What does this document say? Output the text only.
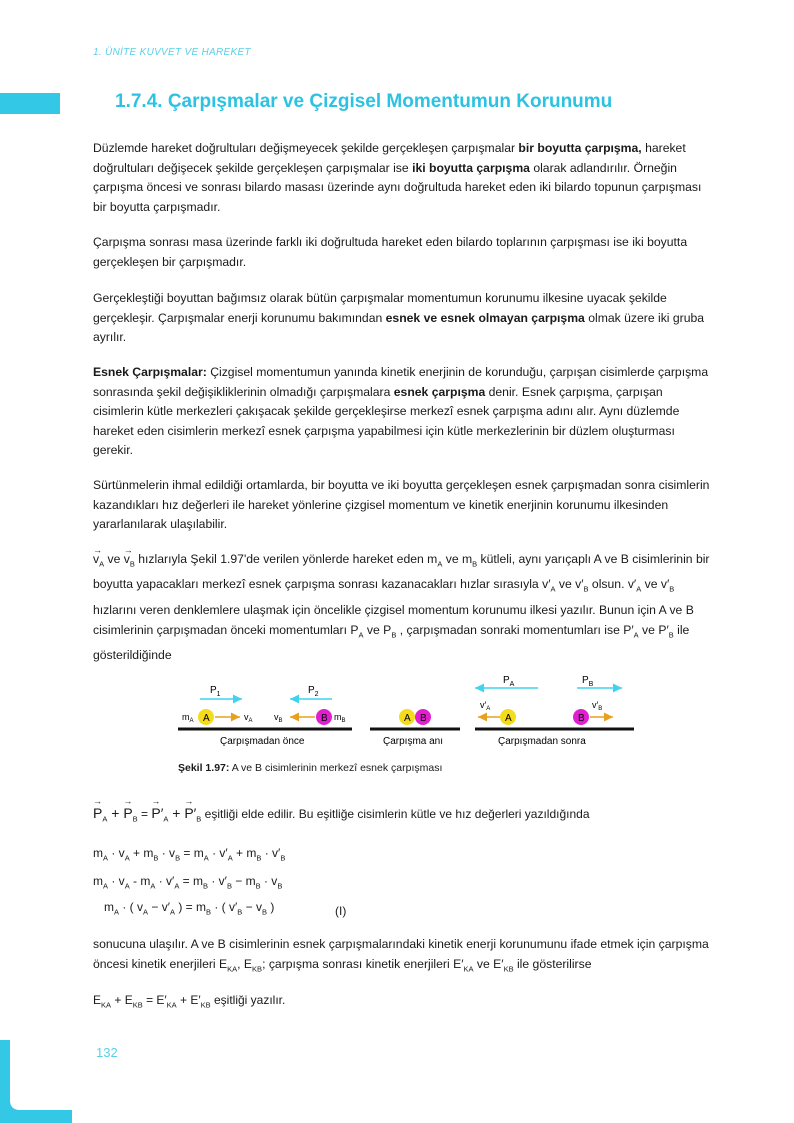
1. ÜNİTE KUVVET VE HAREKET
1.7.4. Çarpışmalar ve Çizgisel Momentumun Korunumu

Düzlemde hareket doğrultuları değişmeyecek şekilde gerçekleşen çarpışmalar bir boyutta çarpışma, hareket doğrultuları değişecek şekilde gerçekleşen çarpışmalar ise iki boyutta çarpışma olarak adlandırılır. Örneğin çarpışma öncesi ve sonrası bilardo masası üzerinde aynı doğrultuda hareket eden iki bilardo topunun çarpışması bir boyutta çarpışmadır.

Çarpışma sonrası masa üzerinde farklı iki doğrultuda hareket eden bilardo toplarının çarpışması ise iki boyutta gerçekleşen bir çarpışmadır.

Gerçekleştiği boyuttan bağımsız olarak bütün çarpışmalar momentumun korunumu ilkesine uyacak şekilde gerçekleşir. Çarpışmalar enerji korunumu bakımından esnek ve esnek olmayan çarpışma olmak üzere iki gruba ayrılır.

Esnek Çarpışmalar: Çizgisel momentumun yanında kinetik enerjinin de korunduğu, çarpışan cisimlerde çarpışma sonrasında şekil değişikliklerinin olmadığı çarpışmalara esnek çarpışma denir. Esnek çarpışma, çarpışan cisimlerin kütle merkezleri çakışacak şekilde gerçekleşirse merkezî esnek çarpışma adını alır. Aynı düzlemde hareket eden cisimlerin merkezî esnek çarpışma yapabilmesi için kütle merkezlerinin bir düzlem oluşturması gerekir.

Sürtünmelerin ihmal edildiği ortamlarda, bir boyutta ve iki boyutta gerçekleşen esnek çarpışmadan sonra cisimlerin kazandıkları hız değerleri ile hareket yönlerine çizgisel momentum ve kinetik enerjinin korunumu ilkesinden yararlanılarak ulaşılabilir.

→ $v_A$ ve → $v_B$ hızlarıyla Şekil 1.97'de verilen yönlerde hareket eden $m_A$ ve $m_B$ kütleli, aynı yarıçaplı A ve B cisimlerinin bir boyutta yapacakları merkezî esnek çarpışma sonrası kazanacakları hızlar sırasıyla $v'_A$ ve $v'_B$ olsun. $v'_A$ ve $v'_B$ hızlarını veren denklemlere ulaşmak için öncelikle çizgisel momentum korunumu ilkesi yazılır. Bunun için A ve B cisimlerinin çarpışmadan önceki momentumları $P_A$ ve $P_B$ , çarpışmadan sonraki momentumları ise $P'_A$ ve $P'_B$ ile gösterildiğinde

$P_1$	$P_2$
$m_A$ A	$v_A$ $v_B$	B $m_B$
Çarpışmadan önce
A B
Çarpışma anı
$P_A$	$P_B$
$v'_A$
A	B
$v'_B$
Çarpışmadan sonra
Şekil 1.97: A ve B cisimlerinin merkezî esnek çarpışması
→ $P_A$ + → $P_B$ = → $P'_A$ + → $P'_B$ eşitliği elde edilir. Bu eşitliğe cisimlerin kütle ve hız değerleri yazıldığında
$m_A \cdot v_A + m_B \cdot v_B = m_A \cdot v'_A + m_B \cdot v'_B$
$m_A \cdot v_A - m_A \cdot v'_A = m_B \cdot v'_B - m_B \cdot v_B$
$m_A$ · ( $v_A - v'_A$ ) = $m_B$ · ( $v'_B - v_B$ )	(I)

sonucuna ulaşılır. A ve B cisimlerinin esnek çarpışmalarındaki kinetik enerji korunumunu ifade etmek için çarpışma öncesi kinetik enerjileri $E_{KA}$, $E_{KB}$; çarpışma sonrası kinetik enerjileri $E'_{KA}$ ve $E'_{KB}$ ile gösterilirse

$E_{KA} + E_{KB} = E'_{KA} + E'_{KB}$ eşitliği yazılır.
132
